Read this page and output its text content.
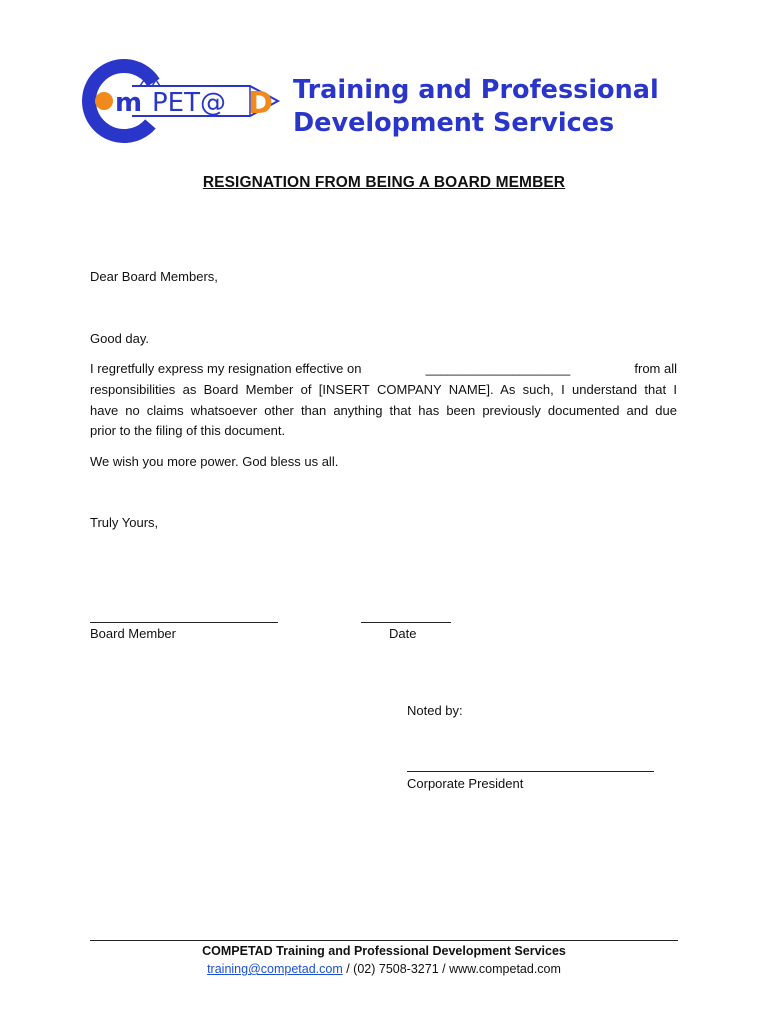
m PET@ D Training and Professional
Development Services
RESIGNATION FROM BEING A BOARD MEMBER
Dear Board Members,
Good day.
I regretfully express my resignation effective on	____________________	from all
responsibilities as Board Member of [INSERT COMPANY NAME]. As such, I understand that I
have no claims whatsoever other than anything that has been previously documented and due
prior to the filing of this document.
We wish you more power. God bless us all.
Truly Yours,
Board Member	Date
Noted by:
Corporate President
COMPETAD Training and Professional Development Services
training@competad.com / (02) 7508-3271 / www.competad.com
